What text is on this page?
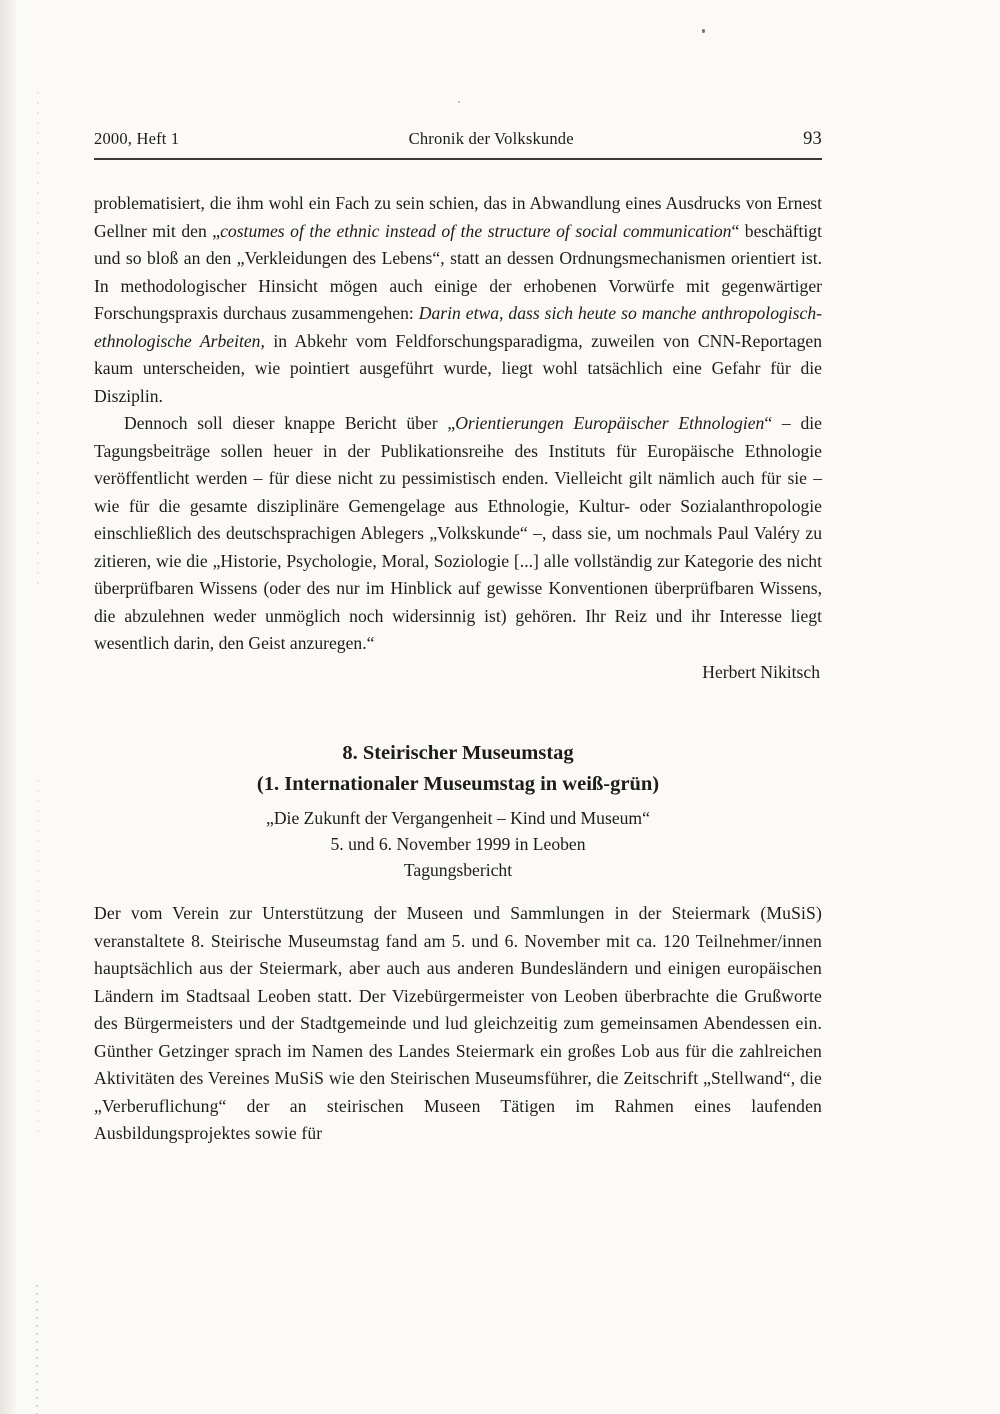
2000, Heft 1	Chronik der Volkskunde	93

problematisiert, die ihm wohl ein Fach zu sein schien, das in Abwandlung eines Ausdrucks von Ernest Gellner mit den „costumes of the ethnic instead of the structure of social communication“ beschäftigt und so bloß an den „Verkleidungen des Lebens“, statt an dessen Ordnungsmechanismen orientiert ist. In methodologischer Hinsicht mögen auch einige der erhobenen Vorwürfe mit gegenwärtiger Forschungspraxis durchaus zusammengehen: Darin etwa, dass sich heute so manche anthropologisch-ethnologische Arbeiten, in Abkehr vom Feldforschungsparadigma, zuweilen von CNN-Reportagen kaum unterscheiden, wie pointiert ausgeführt wurde, liegt wohl tatsächlich eine Gefahr für die Disziplin.

Dennoch soll dieser knappe Bericht über „Orientierungen Europäischer Ethnologien“ – die Tagungsbeiträge sollen heuer in der Publikationsreihe des Instituts für Europäische Ethnologie veröffentlicht werden – für diese nicht zu pessimistisch enden. Vielleicht gilt nämlich auch für sie – wie für die gesamte disziplinäre Gemengelage aus Ethnologie, Kultur- oder Sozialanthropologie einschließlich des deutschsprachigen Ablegers „Volkskunde“ –, dass sie, um nochmals Paul Valéry zu zitieren, wie die „Historie, Psychologie, Moral, Soziologie [...] alle vollständig zur Kategorie des nicht überprüfbaren Wissens (oder des nur im Hinblick auf gewisse Konventionen überprüfbaren Wissens, die abzulehnen weder unmöglich noch widersinnig ist) gehören. Ihr Reiz und ihr Interesse liegt wesentlich darin, den Geist anzuregen.“

Herbert Nikitsch

8. Steirischer Museumstag
(1. Internationaler Museumstag in weiß-grün)

„Die Zukunft der Vergangenheit – Kind und Museum“

5. und 6. November 1999 in Leoben

Tagungsbericht

Der vom Verein zur Unterstützung der Museen und Sammlungen in der Steiermark (MuSiS) veranstaltete 8. Steirische Museumstag fand am 5. und 6. November mit ca. 120 Teilnehmer/innen hauptsächlich aus der Steiermark, aber auch aus anderen Bundesländern und einigen europäischen Ländern im Stadtsaal Leoben statt. Der Vizebürgermeister von Leoben überbrachte die Grußworte des Bürgermeisters und der Stadtgemeinde und lud gleichzeitig zum gemeinsamen Abendessen ein. Günther Getzinger sprach im Namen des Landes Steiermark ein großes Lob aus für die zahlreichen Aktivitäten des Vereines MuSiS wie den Steirischen Museumsführer, die Zeitschrift „Stellwand“, die „Verberuflichung“ der an steirischen Museen Tätigen im Rahmen eines laufenden Ausbildungsprojektes sowie für
